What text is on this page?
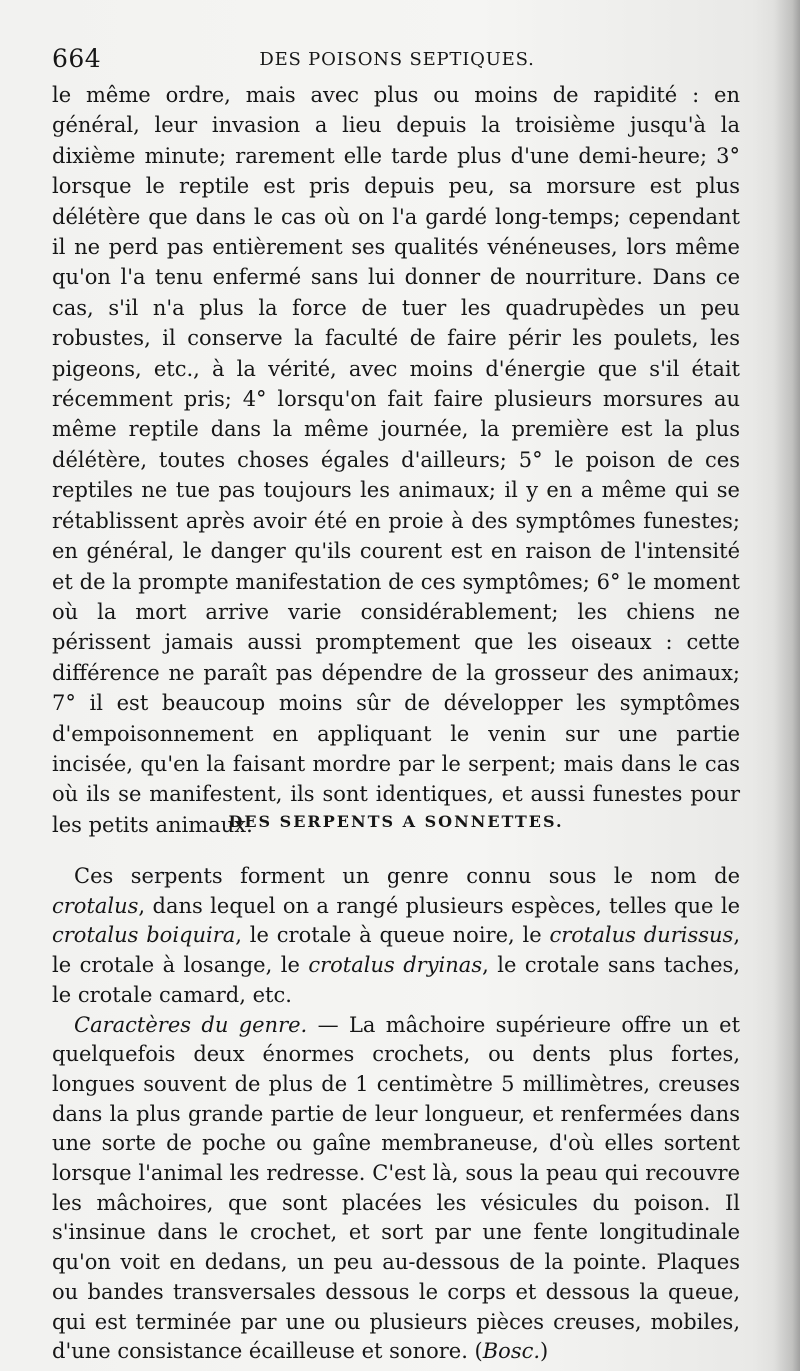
664	DES POISONS SEPTIQUES.

le même ordre, mais avec plus ou moins de rapidité : en général, leur invasion a lieu depuis la troisième jusqu'à la dixième minute; rarement elle tarde plus d'une demi-heure; 3° lorsque le reptile est pris depuis peu, sa morsure est plus délétère que dans le cas où on l'a gardé long-temps; cependant il ne perd pas entièrement ses qualités vénéneuses, lors même qu'on l'a tenu enfermé sans lui donner de nourriture. Dans ce cas, s'il n'a plus la force de tuer les quadrupèdes un peu robustes, il conserve la faculté de faire périr les poulets, les pigeons, etc., à la vérité, avec moins d'énergie que s'il était récemment pris; 4° lorsqu'on fait faire plusieurs morsures au même reptile dans la même journée, la première est la plus délétère, toutes choses égales d'ailleurs; 5° le poison de ces reptiles ne tue pas toujours les animaux; il y en a même qui se rétablissent après avoir été en proie à des symptômes funestes; en général, le danger qu'ils courent est en raison de l'intensité et de la prompte manifestation de ces symptômes; 6° le moment où la mort arrive varie considérablement; les chiens ne périssent jamais aussi promptement que les oiseaux : cette différence ne paraît pas dépendre de la grosseur des animaux; 7° il est beaucoup moins sûr de développer les symptômes d'empoisonnement en appliquant le venin sur une partie incisée, qu'en la faisant mordre par le serpent; mais dans le cas où ils se manifestent, ils sont identiques, et aussi funestes pour les petits animaux.

DES SERPENTS A SONNETTES.

Ces serpents forment un genre connu sous le nom de crotalus, dans lequel on a rangé plusieurs espèces, telles que le crotalus boiquira, le crotale à queue noire, le crotalus durissus, le crotale à losange, le crotalus dryinas, le crotale sans taches, le crotale camard, etc.

Caractères du genre. — La mâchoire supérieure offre un et quelquefois deux énormes crochets, ou dents plus fortes, longues souvent de plus de 1 centimètre 5 millimètres, creuses dans la plus grande partie de leur longueur, et renfermées dans une sorte de poche ou gaîne membraneuse, d'où elles sortent lorsque l'animal les redresse. C'est là, sous la peau qui recouvre les mâchoires, que sont placées les vésicules du poison. Il s'insinue dans le crochet, et sort par une fente longitudinale qu'on voit en dedans, un peu au-dessous de la pointe. Plaques ou bandes transversales dessous le corps et dessous la queue, qui est terminée par une ou plusieurs pièces creuses, mobiles, d'une consistance écailleuse et sonore. (Bosc.)
